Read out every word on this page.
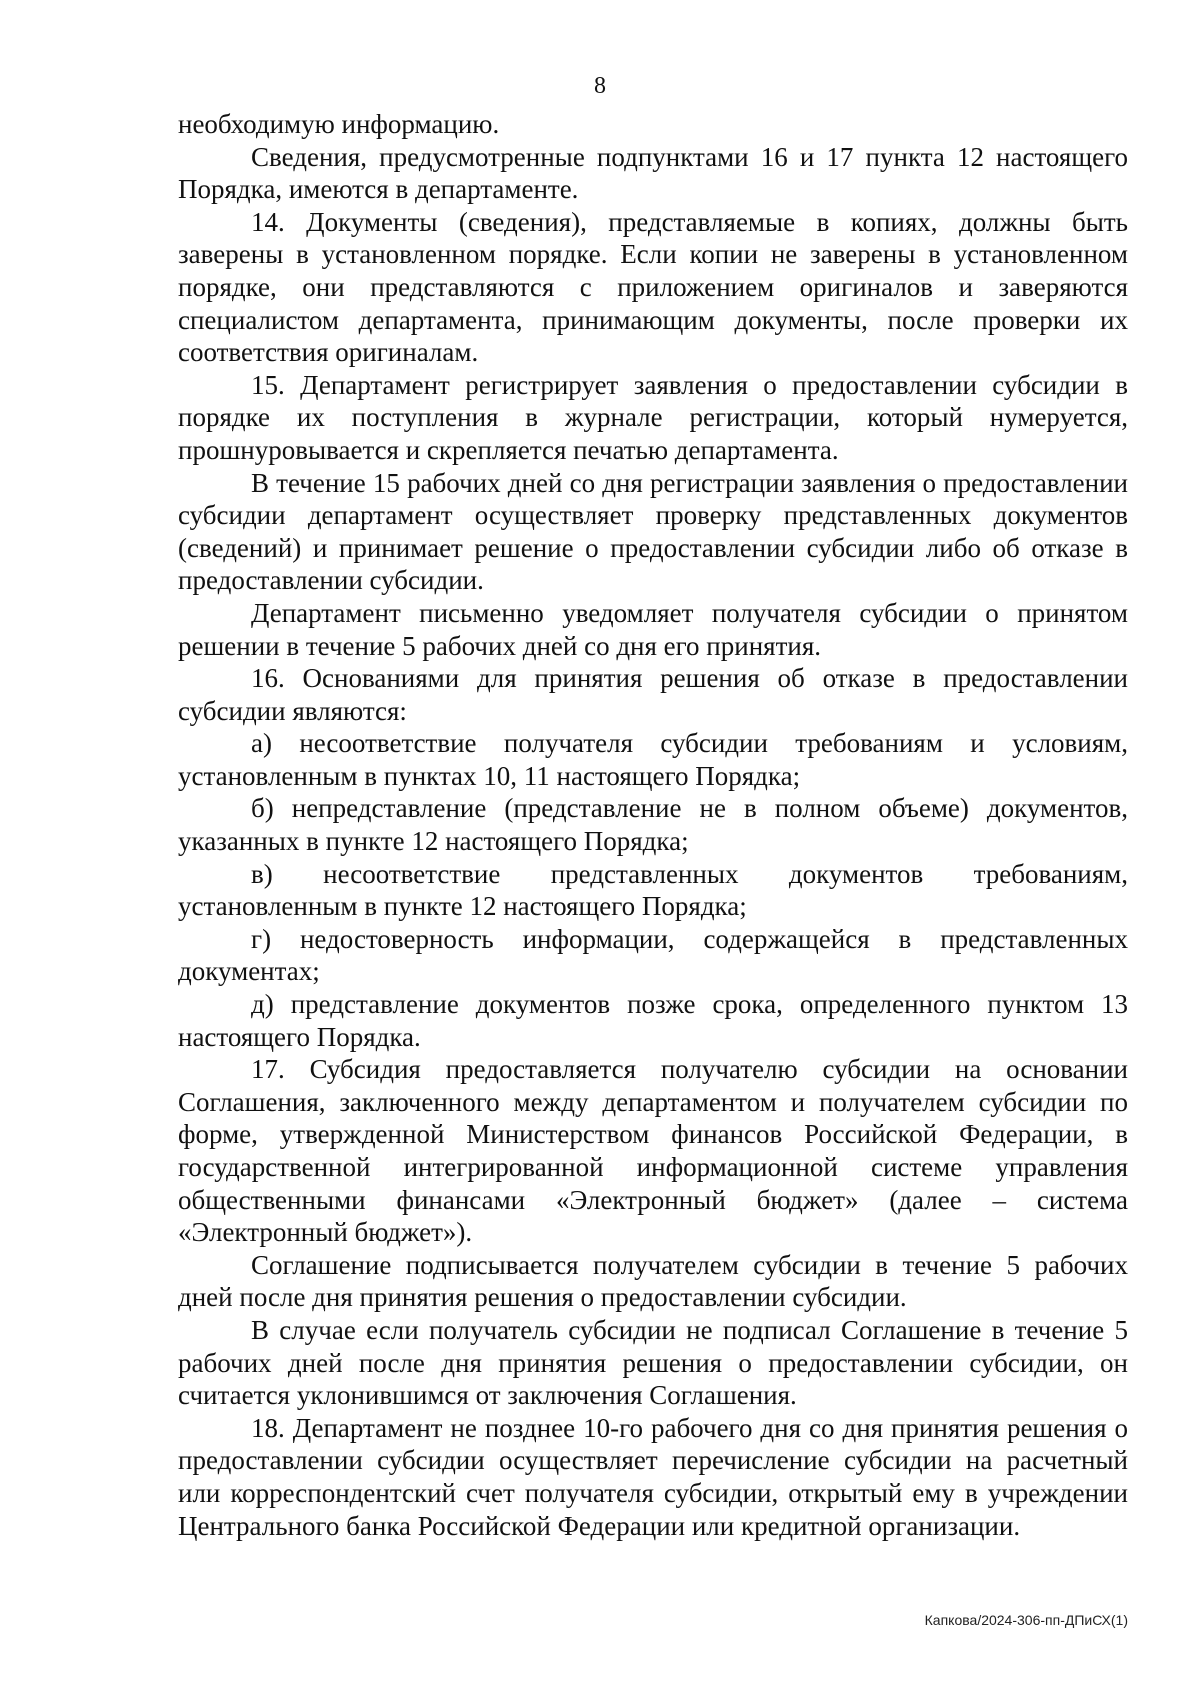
8

необходимую информацию.

Сведения, предусмотренные подпунктами 16 и 17 пункта 12 настоящего Порядка, имеются в департаменте.

14. Документы (сведения), представляемые в копиях, должны быть заверены в установленном порядке. Если копии не заверены в установленном порядке, они представляются с приложением оригиналов и заверяются специалистом департамента, принимающим документы, после проверки их соответствия оригиналам.

15. Департамент регистрирует заявления о предоставлении субсидии в порядке их поступления в журнале регистрации, который нумеруется, прошнуровывается и скрепляется печатью департамента.

В течение 15 рабочих дней со дня регистрации заявления о предоставлении субсидии департамент осуществляет проверку представленных документов (сведений) и принимает решение о предоставлении субсидии либо об отказе в предоставлении субсидии.

Департамент письменно уведомляет получателя субсидии о принятом решении в течение 5 рабочих дней со дня его принятия.

16. Основаниями для принятия решения об отказе в предоставлении субсидии являются:

а) несоответствие получателя субсидии требованиям и условиям, установленным в пунктах 10, 11 настоящего Порядка;

б) непредставление (представление не в полном объеме) документов, указанных в пункте 12 настоящего Порядка;

в) несоответствие представленных документов требованиям, установленным в пункте 12 настоящего Порядка;

г) недостоверность информации, содержащейся в представленных документах;

д) представление документов позже срока, определенного пунктом 13 настоящего Порядка.

17. Субсидия предоставляется получателю субсидии на основании Соглашения, заключенного между департаментом и получателем субсидии по форме, утвержденной Министерством финансов Российской Федерации, в государственной интегрированной информационной системе управления общественными финансами «Электронный бюджет» (далее – система «Электронный бюджет»).

Соглашение подписывается получателем субсидии в течение 5 рабочих дней после дня принятия решения о предоставлении субсидии.

В случае если получатель субсидии не подписал Соглашение в течение 5 рабочих дней после дня принятия решения о предоставлении субсидии, он считается уклонившимся от заключения Соглашения.

18. Департамент не позднее 10-го рабочего дня со дня принятия решения о предоставлении субсидии осуществляет перечисление субсидии на расчетный или корреспондентский счет получателя субсидии, открытый ему в учреждении Центрального банка Российской Федерации или кредитной организации.

Капкова/2024-306-пп-ДПиСХ(1)
